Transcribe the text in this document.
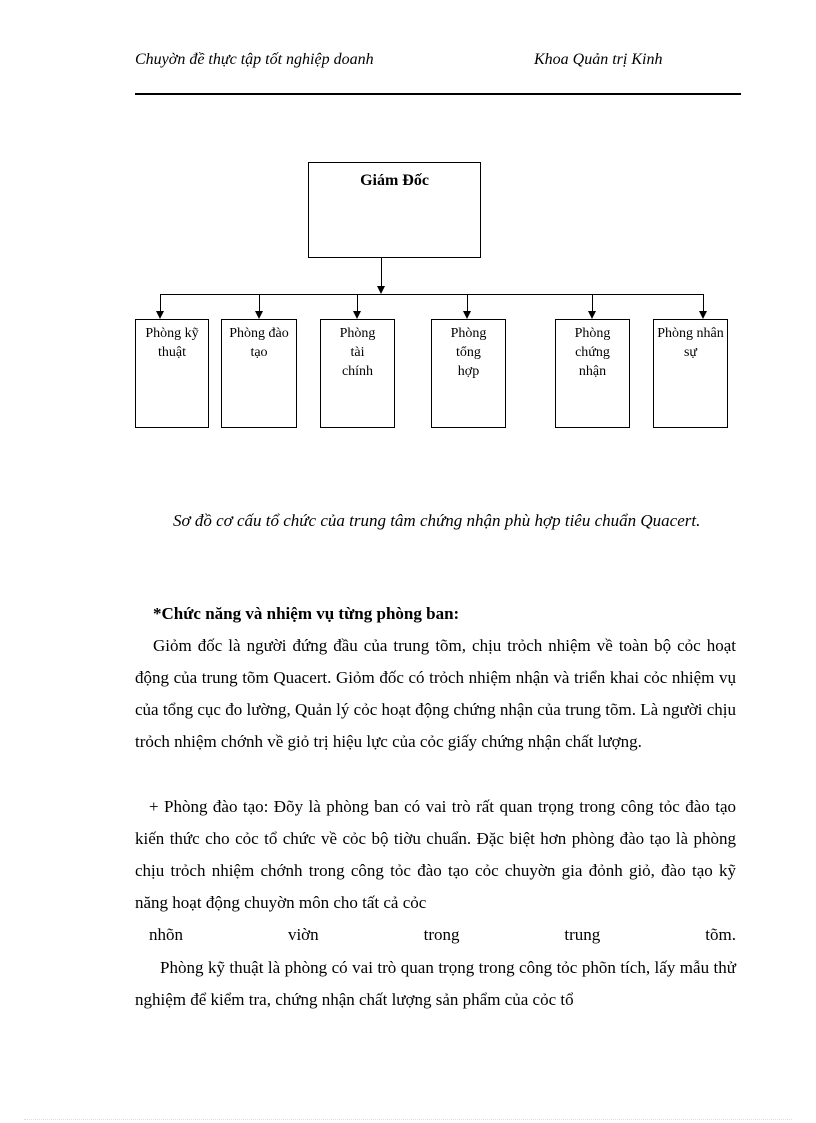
Chuyờn đề thực tập tốt nghiệp doanh	Khoa Quản trị Kinh
Giám Đốc
Phòng kỹ thuật
Phòng đào tạo
Phòng tài chính
Phòng tổng hợp
Phòng chứng nhận
Phòng nhân sự
Sơ đồ cơ cấu tổ chức của trung tâm chứng nhận phù hợp tiêu chuẩn Quacert.
*Chức năng và nhiệm vụ từng phòng ban:
Giỏm đốc là người đứng đầu của trung tõm, chịu trỏch nhiệm về toàn bộ cỏc hoạt động của trung tõm Quacert. Giỏm đốc có trỏch nhiệm nhận và triển khai cỏc nhiệm vụ của tổng cục đo lường, Quản lý cỏc hoạt động chứng nhận của trung tõm. Là người chịu trỏch nhiệm chớnh về giỏ trị hiệu lực của cỏc giấy chứng nhận chất lượng.
+ Phòng đào tạo: Đõy là phòng ban có vai trò rất quan trọng trong công tỏc đào tạo kiến thức cho cỏc tổ chức về cỏc bộ tiờu chuẩn. Đặc biệt hơn phòng đào tạo là phòng chịu trỏch nhiệm chớnh trong công tỏc đào tạo cỏc chuyờn gia đỏnh giỏ, đào tạo kỹ năng hoạt động chuyờn môn cho tất cả cỏc
nhõn	viờn	trong	trung	tõm.
Phòng kỹ thuật là phòng có vai trò quan trọng trong công tỏc phõn tích, lấy mẫu thử nghiệm để kiểm tra, chứng nhận chất lượng sản phẩm của cỏc tổ
